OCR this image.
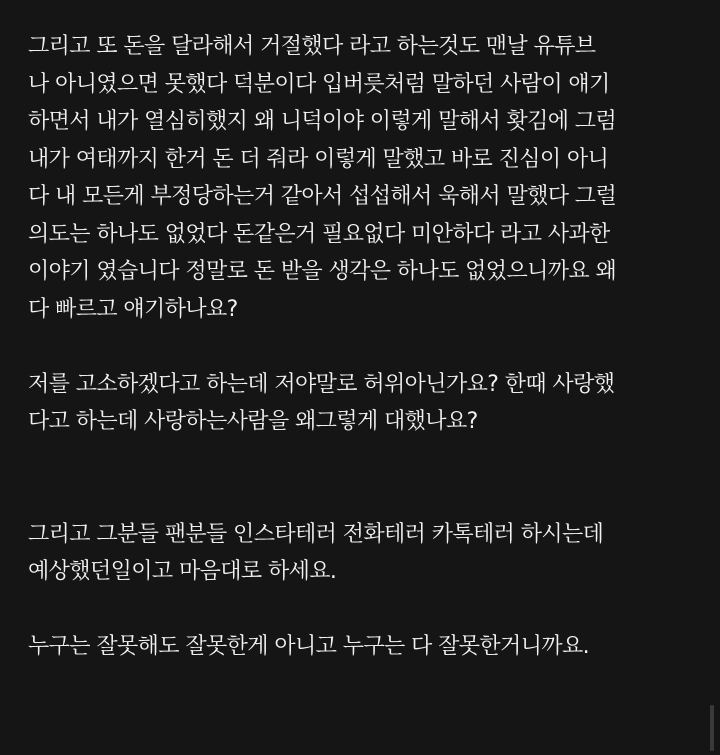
그리고 또 돈을 달라해서 거절했다 라고 하는것도 맨날 유튜브

나 아니였으면 못했다 덕분이다 입버릇처럼 말하던 사람이 얘기

하면서 내가 열심히했지 왜 니덕이야 이렇게 말해서 홧김에 그럼

내가 여태까지 한거 돈 더 줘라 이렇게 말했고 바로 진심이 아니

다 내 모든게 부정당하는거 같아서 섭섭해서 욱해서 말했다 그럴

의도는 하나도 없었다 돈같은거 필요없다 미안하다 라고 사과한

이야기 였습니다 정말로 돈 받을 생각은 하나도 없었으니까요 왜

다 빠르고 얘기하나요?

저를 고소하겠다고 하는데 저야말로 허위아닌가요? 한때 사랑했

다고 하는데 사랑하는사람을 왜그렇게 대했나요?

그리고 그분들 팬분들 인스타테러 전화테러 카톡테러 하시는데

예상했던일이고 마음대로 하세요.

누구는 잘못해도 잘못한게 아니고 누구는 다 잘못한거니까요.
